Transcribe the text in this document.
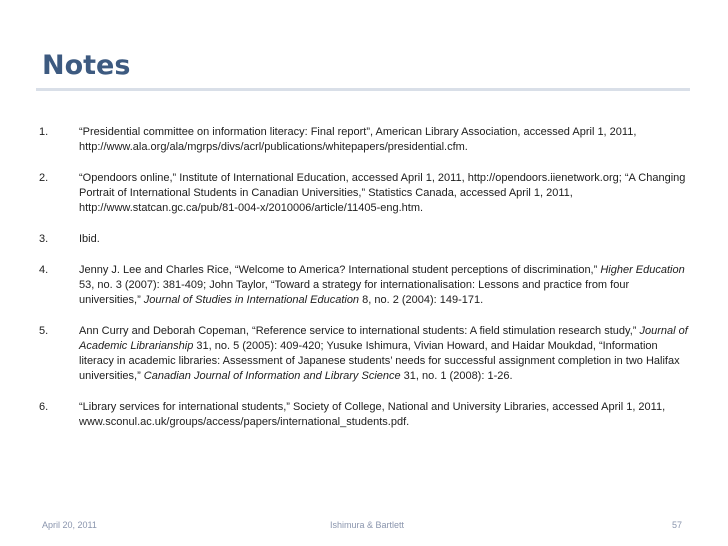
Notes
1.	“Presidential committee on information literacy: Final report”, American Library Association, accessed April 1, 2011, http://www.ala.org/ala/mgrps/divs/acrl/publications/whitepapers/presidential.cfm.
2.	“Opendoors online,” Institute of International Education, accessed April 1, 2011, http://opendoors.iienetwork.org; “A Changing Portrait of International Students in Canadian Universities,” Statistics Canada, accessed April 1, 2011, http://www.statcan.gc.ca/pub/81-004-x/2010006/article/11405-eng.htm.
3.	Ibid.
4.	Jenny J. Lee and Charles Rice, “Welcome to America? International student perceptions of discrimination,” Higher Education 53, no. 3 (2007): 381-409; John Taylor, “Toward a strategy for internationalisation: Lessons and practice from four universities,” Journal of Studies in International Education 8, no. 2 (2004): 149-171.
5.	Ann Curry and Deborah Copeman, “Reference service to international students: A field stimulation research study,” Journal of Academic Librarianship 31, no. 5 (2005): 409-420; Yusuke Ishimura, Vivian Howard, and Haidar Moukdad, “Information literacy in academic libraries: Assessment of Japanese students’ needs for successful assignment completion in two Halifax universities,” Canadian Journal of Information and Library Science 31, no. 1 (2008): 1-26.
6.	“Library services for international students,” Society of College, National and University Libraries, accessed April 1, 2011, www.sconul.ac.uk/groups/access/papers/international_students.pdf.
April 20, 2011	Ishimura & Bartlett	57
